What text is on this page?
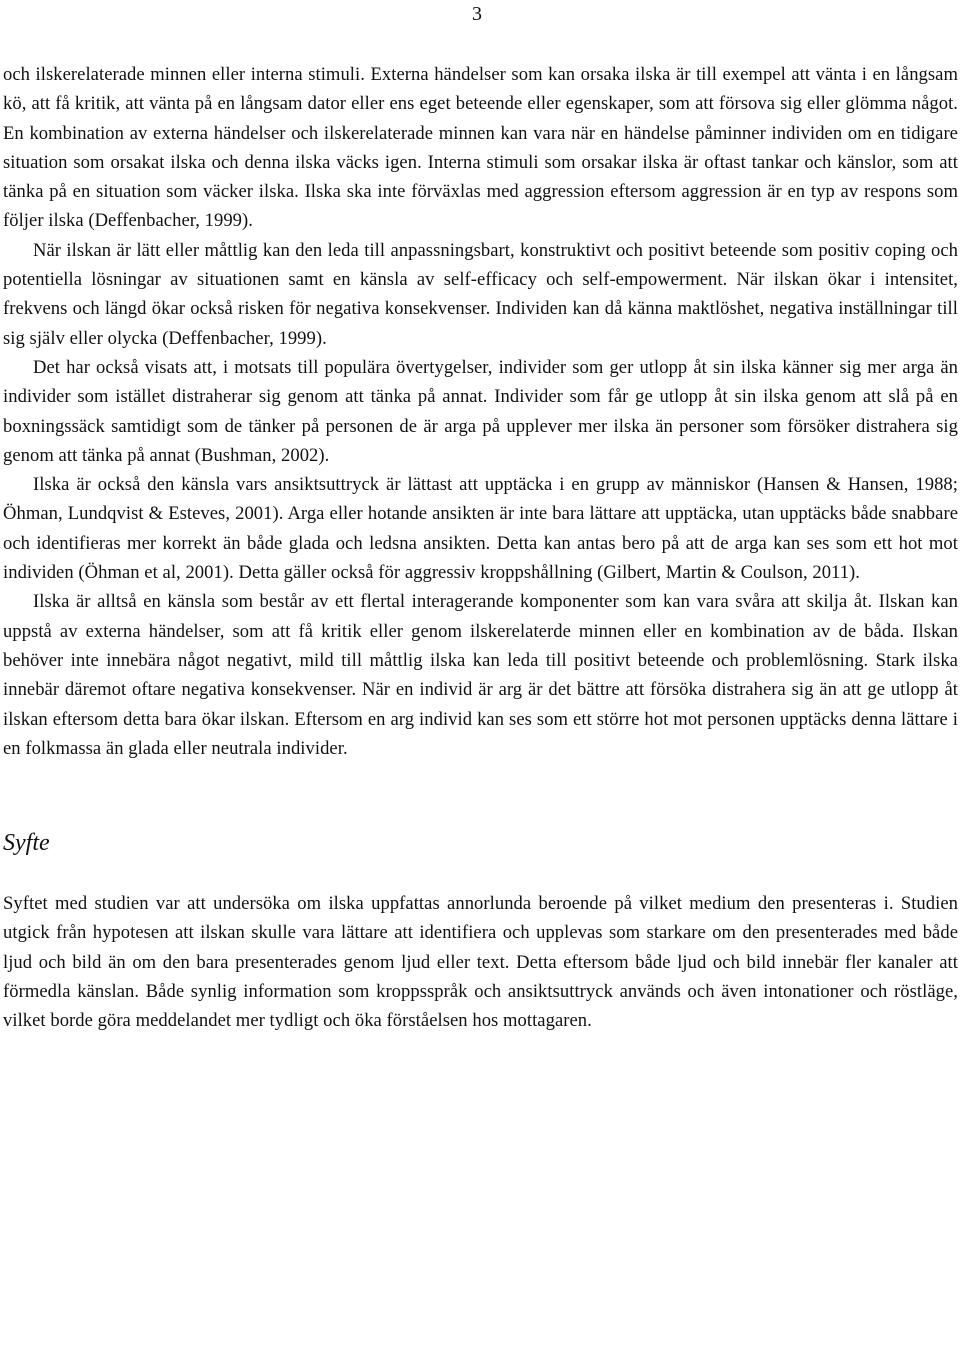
3

och ilskerelaterade minnen eller interna stimuli. Externa händelser som kan orsaka ilska är till exempel att vänta i en långsam kö, att få kritik, att vänta på en långsam dator eller ens eget beteende eller egenskaper, som att försova sig eller glömma något. En kombination av externa händelser och ilskerelaterade minnen kan vara när en händelse påminner individen om en tidigare situation som orsakat ilska och denna ilska väcks igen. Interna stimuli som orsakar ilska är oftast tankar och känslor, som att tänka på en situation som väcker ilska. Ilska ska inte förväxlas med aggression eftersom aggression är en typ av respons som följer ilska (Deffenbacher, 1999).

När ilskan är lätt eller måttlig kan den leda till anpassningsbart, konstruktivt och positivt beteende som positiv coping och potentiella lösningar av situationen samt en känsla av self-efficacy och self-empowerment. När ilskan ökar i intensitet, frekvens och längd ökar också risken för negativa konsekvenser. Individen kan då känna maktlöshet, negativa inställningar till sig själv eller olycka (Deffenbacher, 1999).

Det har också visats att, i motsats till populära övertygelser, individer som ger utlopp åt sin ilska känner sig mer arga än individer som istället distraherar sig genom att tänka på annat. Individer som får ge utlopp åt sin ilska genom att slå på en boxningssäck samtidigt som de tänker på personen de är arga på upplever mer ilska än personer som försöker distrahera sig genom att tänka på annat (Bushman, 2002).

Ilska är också den känsla vars ansiktsuttryck är lättast att upptäcka i en grupp av människor (Hansen & Hansen, 1988; Öhman, Lundqvist & Esteves, 2001). Arga eller hotande ansikten är inte bara lättare att upptäcka, utan upptäcks både snabbare och identifieras mer korrekt än både glada och ledsna ansikten. Detta kan antas bero på att de arga kan ses som ett hot mot individen (Öhman et al, 2001). Detta gäller också för aggressiv kroppshållning (Gilbert, Martin & Coulson, 2011).

Ilska är alltså en känsla som består av ett flertal interagerande komponenter som kan vara svåra att skilja åt. Ilskan kan uppstå av externa händelser, som att få kritik eller genom ilskerelaterde minnen eller en kombination av de båda. Ilskan behöver inte innebära något negativt, mild till måttlig ilska kan leda till positivt beteende och problemlösning. Stark ilska innebär däremot oftare negativa konsekvenser. När en individ är arg är det bättre att försöka distrahera sig än att ge utlopp åt ilskan eftersom detta bara ökar ilskan. Eftersom en arg individ kan ses som ett större hot mot personen upptäcks denna lättare i en folkmassa än glada eller neutrala individer.

Syfte

Syftet med studien var att undersöka om ilska uppfattas annorlunda beroende på vilket medium den presenteras i. Studien utgick från hypotesen att ilskan skulle vara lättare att identifiera och upplevas som starkare om den presenterades med både ljud och bild än om den bara presenterades genom ljud eller text. Detta eftersom både ljud och bild innebär fler kanaler att förmedla känslan. Både synlig information som kroppsspråk och ansiktsuttryck används och även intonationer och röstläge, vilket borde göra meddelandet mer tydligt och öka förståelsen hos mottagaren.
